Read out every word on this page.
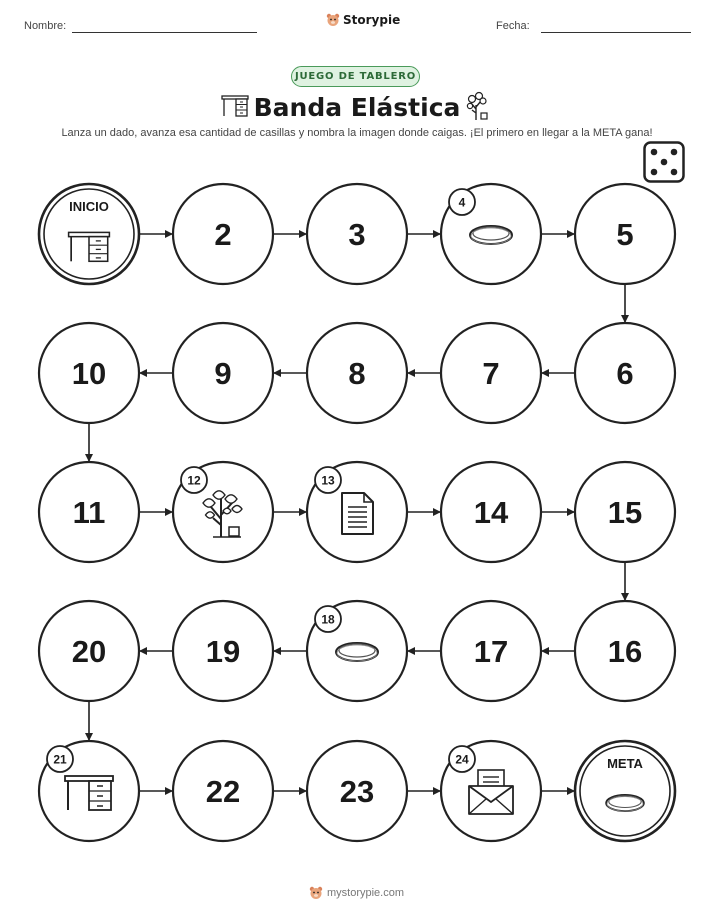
Nombre:	Storypie	Fecha:
JUEGO DE TABLERO
Banda Elástica
Lanza un dado, avanza esa cantidad de casillas y nombra la imagen donde caigas. ¡El primero en llegar a la META gana!
INICIO
2	3
4
5
6
7
8
9
10
11
12	13
14	15
16
17
18
19
20
21
22	23
24	META
mystorypie.com
